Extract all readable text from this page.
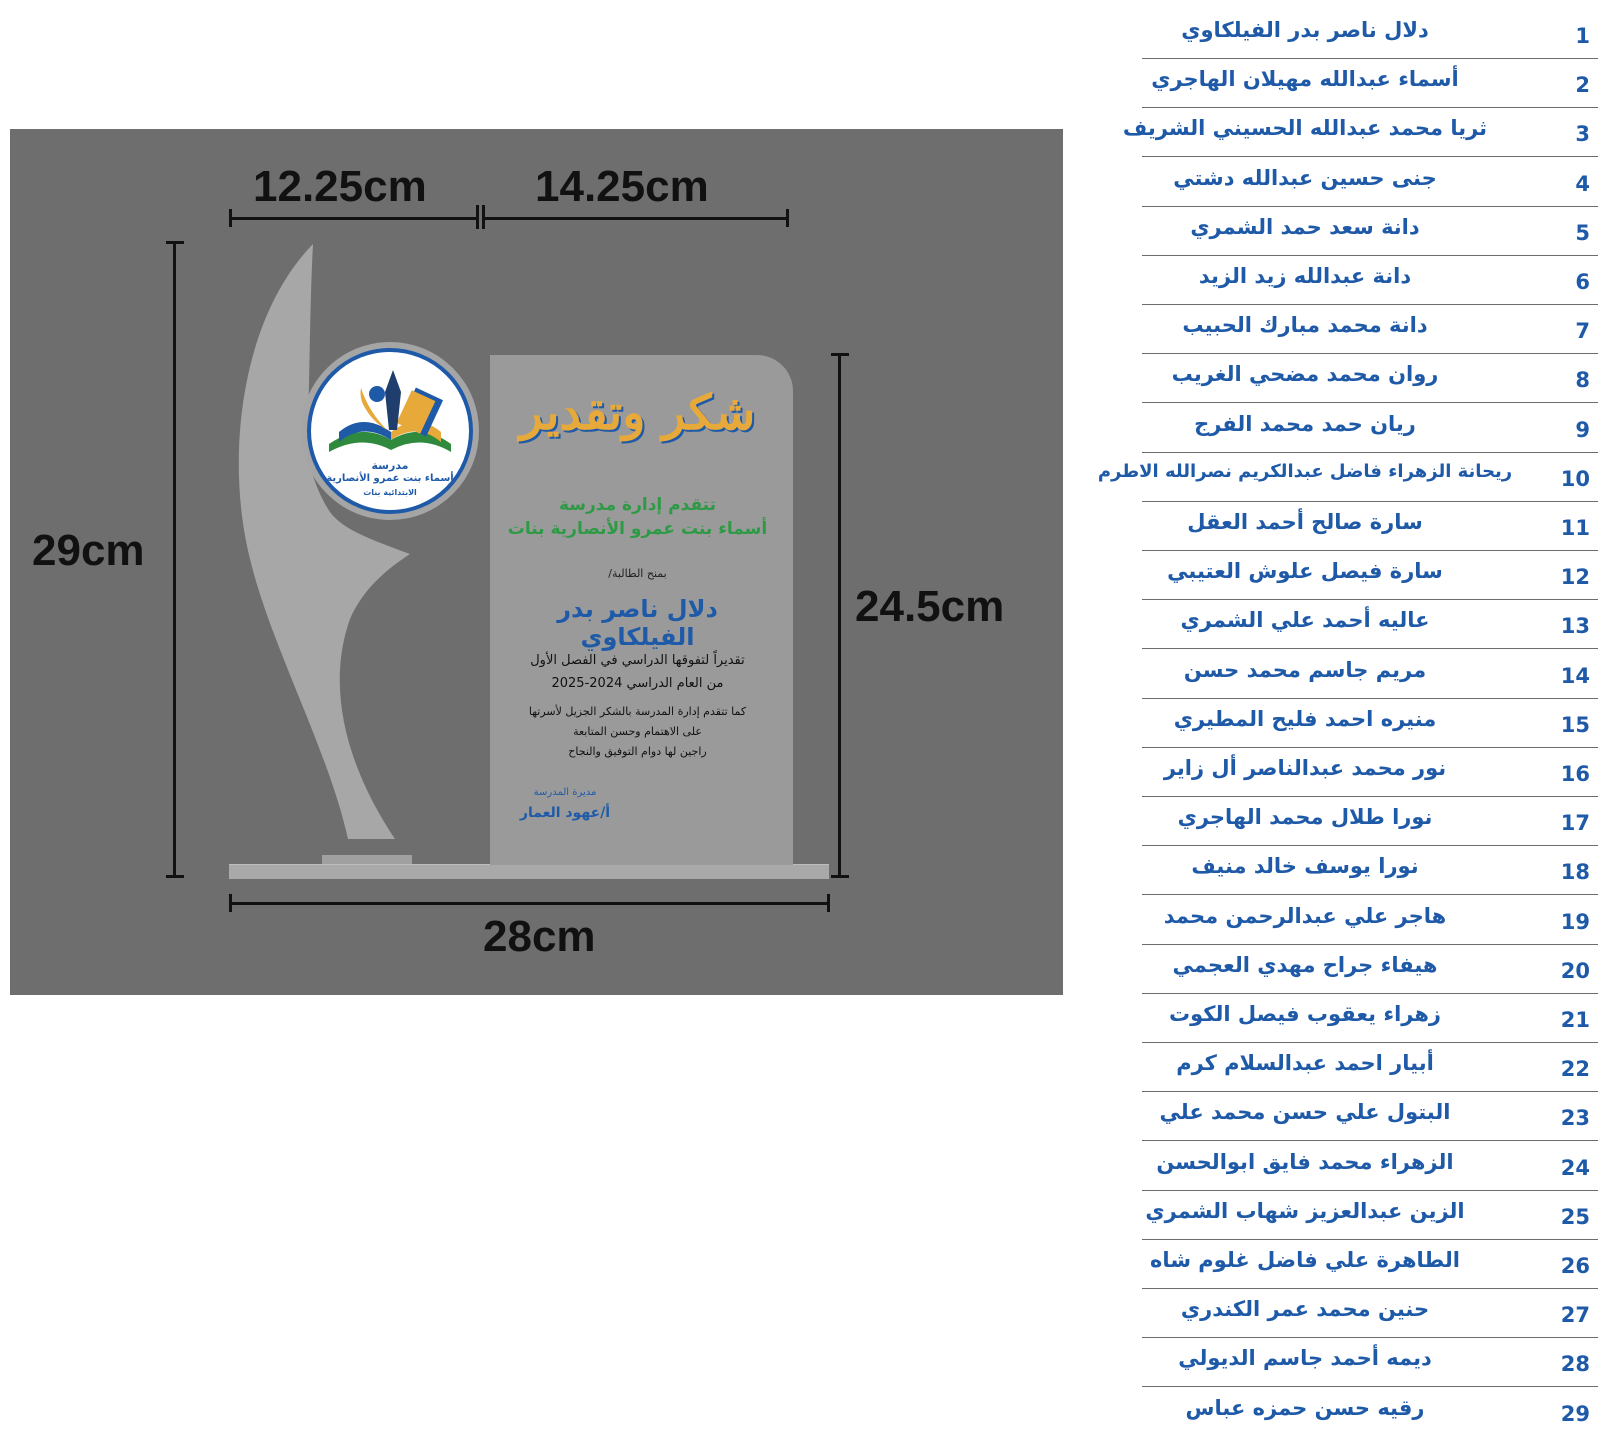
مدرسة
أسماء بنت عمرو الأنصارية
الابتدائية بنات
شكر وتقدير
تتقدم إدارة مدرسة
أسماء بنت عمرو الأنصارية بنات
بمنح الطالبة/
دلال ناصر بدر الفيلكاوي
تقديراً لتفوقها الدراسي في الفصل الأول
من العام الدراسي 2024-2025
كما تتقدم إدارة المدرسة بالشكر الجزيل لأسرتها
على الاهتمام وحسن المتابعة
راجين لها دوام التوفيق والنجاح
مديرة المدرسة
أ/عهود العمار
12.25cm 14.25cm
29cm
24.5cm
28cm
دلال ناصر بدر الفيلكاوي	1
أسماء عبدالله مهيلان الهاجري	2
ثريا محمد عبدالله الحسيني الشريف	3
جنى حسين عبدالله دشتي	4
دانة سعد حمد الشمري	5
دانة عبدالله زيد الزيد	6
دانة محمد مبارك الحبيب	7
روان محمد مضحي الغريب	8
ريان حمد محمد الفرج	9
ريحانة الزهراء فاضل عبدالكريم نصرالله الاطرم	10
سارة صالح أحمد العقل	11
سارة فيصل علوش العتيبي	12
عاليه أحمد علي الشمري	13
مريم جاسم محمد حسن	14
منيره احمد فليح المطيري	15
نور محمد عبدالناصر أل زاير	16
نورا طلال محمد الهاجري	17
نورا يوسف خالد منيف	18
هاجر علي عبدالرحمن محمد	19
هيفاء جراح مهدي العجمي	20
زهراء يعقوب فيصل الكوت	21
أبيار احمد عبدالسلام كرم	22
البتول علي حسن محمد علي	23
الزهراء محمد فايق ابوالحسن	24
الزين عبدالعزيز شهاب الشمري	25
الطاهرة علي فاضل غلوم شاه	26
حنين محمد عمر الكندري	27
ديمه أحمد جاسم الديولي	28
رقيه حسن حمزه عباس	29
